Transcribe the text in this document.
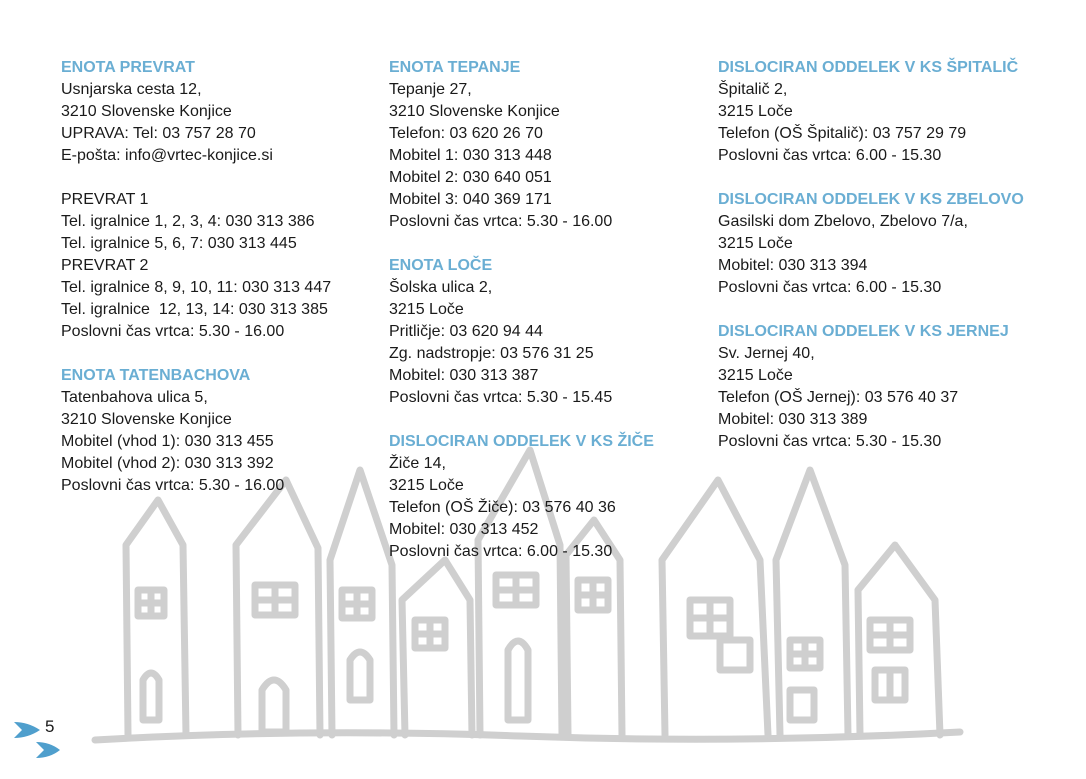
ENOTA PREVRAT
Usnjarska cesta 12,
3210 Slovenske Konjice
UPRAVA: Tel: 03 757 28 70
E-pošta: info@vrtec-konjice.si
PREVRAT 1
Tel. igralnice 1, 2, 3, 4: 030 313 386
Tel. igralnice 5, 6, 7: 030 313 445
PREVRAT 2
Tel. igralnice 8, 9, 10, 11: 030 313 447
Tel. igralnice  12, 13, 14: 030 313 385
Poslovni čas vrtca: 5.30 - 16.00
ENOTA TATENBACHOVA
Tatenbahova ulica 5,
3210 Slovenske Konjice
Mobitel (vhod 1): 030 313 455
Mobitel (vhod 2): 030 313 392
Poslovni čas vrtca: 5.30 - 16.00
ENOTA TEPANJE
Tepanje 27,
3210 Slovenske Konjice
Telefon: 03 620 26 70
Mobitel 1: 030 313 448
Mobitel 2: 030 640 051
Mobitel 3: 040 369 171
Poslovni čas vrtca: 5.30 - 16.00
ENOTA LOČE
Šolska ulica 2,
3215 Loče
Pritličje: 03 620 94 44
Zg. nadstropje: 03 576 31 25
Mobitel: 030 313 387
Poslovni čas vrtca: 5.30 - 15.45
DISLOCIRAN ODDELEK V KS ŽIČE
Žiče 14,
3215 Loče
Telefon (OŠ Žiče): 03 576 40 36
Mobitel: 030 313 452
Poslovni čas vrtca: 6.00 - 15.30
DISLOCIRAN ODDELEK V KS ŠPITALIČ
Špitalič 2,
3215 Loče
Telefon (OŠ Špitalič): 03 757 29 79
Poslovni čas vrtca: 6.00 - 15.30
DISLOCIRAN ODDELEK V KS ZBELOVO
Gasilski dom Zbelovo, Zbelovo 7/a,
3215 Loče
Mobitel: 030 313 394
Poslovni čas vrtca: 6.00 - 15.30
DISLOCIRAN ODDELEK V KS JERNEJ
Sv. Jernej 40,
3215 Loče
Telefon (OŠ Jernej): 03 576 40 37
Mobitel: 030 313 389
Poslovni čas vrtca: 5.30 - 15.30
5
